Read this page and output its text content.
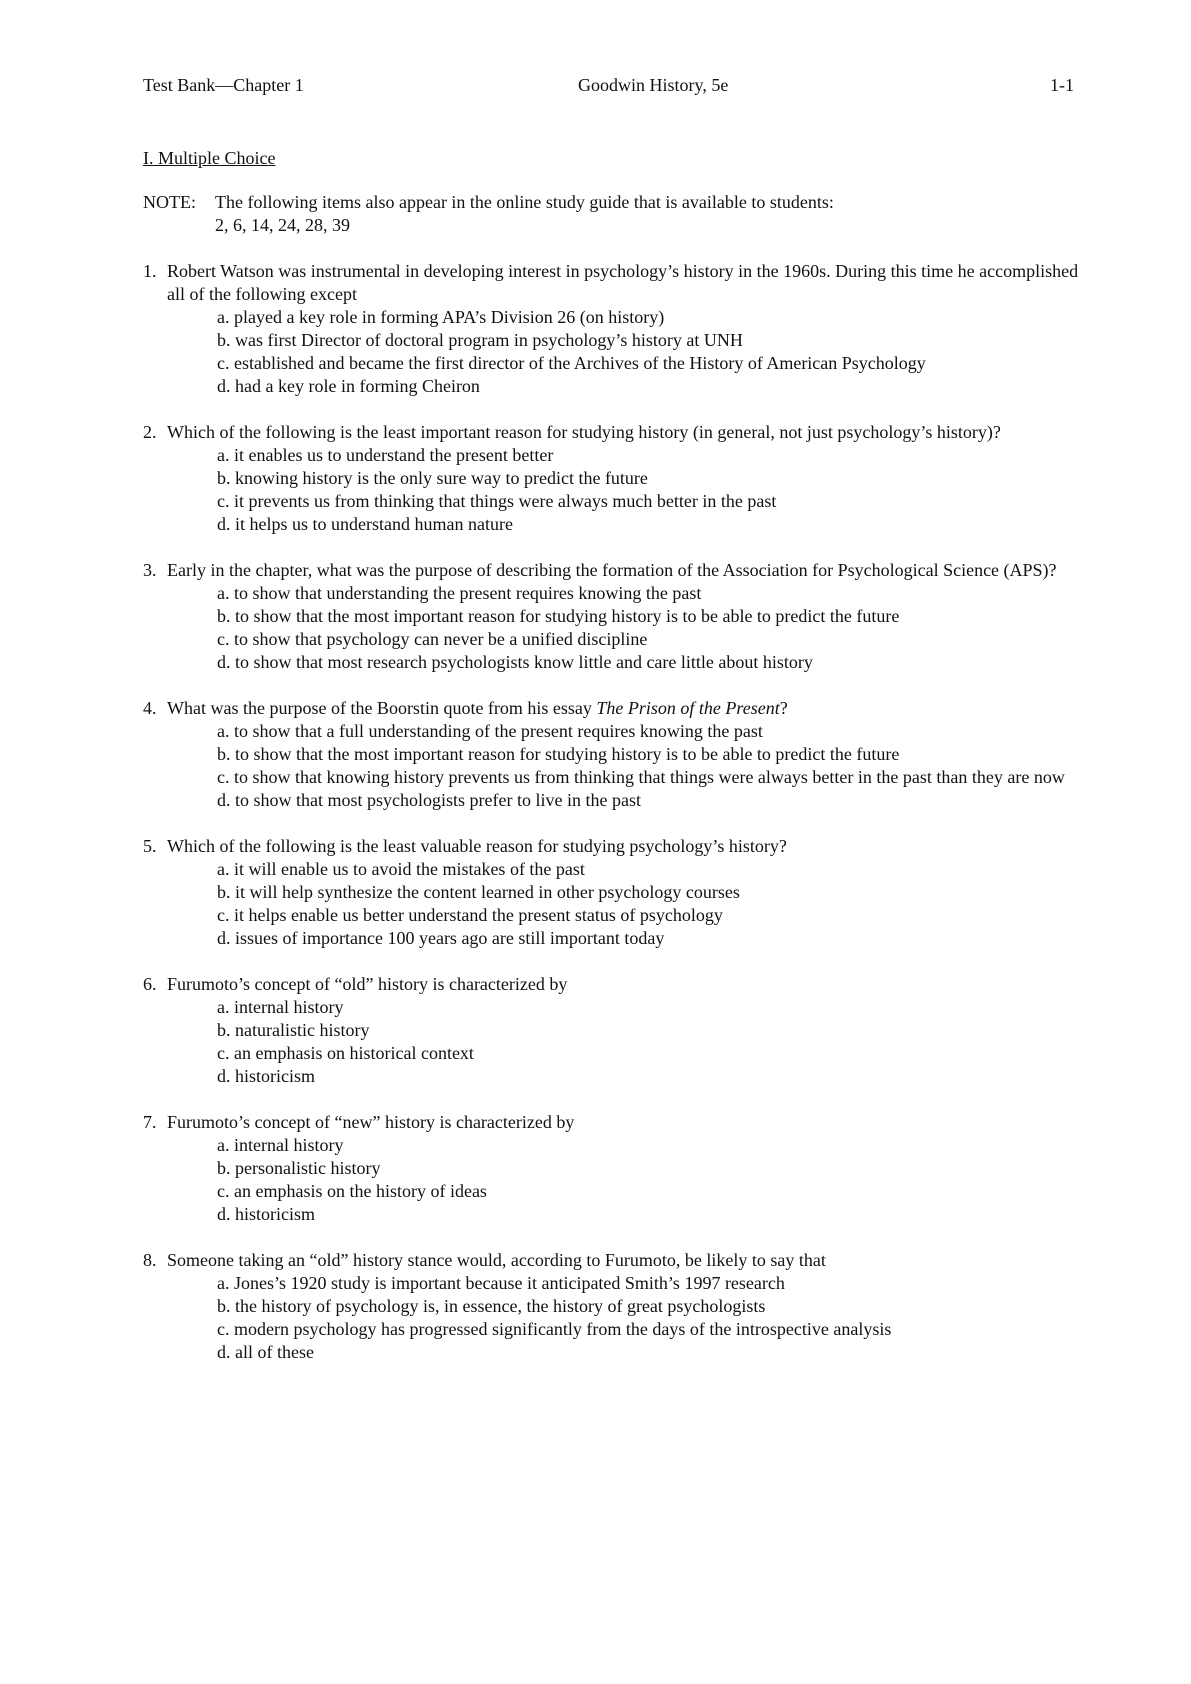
Test Bank—Chapter 1	Goodwin History, 5e	1-1
I. Multiple Choice
NOTE: The following items also appear in the online study guide that is available to students:
2, 6, 14, 24, 28, 39
1. Robert Watson was instrumental in developing interest in psychology’s history in the 1960s. During this time he accomplished all of the following except
a. played a key role in forming APA’s Division 26 (on history)
b. was first Director of doctoral program in psychology’s history at UNH
c. established and became the first director of the Archives of the History of American Psychology
d. had a key role in forming Cheiron
2. Which of the following is the least important reason for studying history (in general, not just psychology’s history)?
a. it enables us to understand the present better
b. knowing history is the only sure way to predict the future
c. it prevents us from thinking that things were always much better in the past
d. it helps us to understand human nature
3. Early in the chapter, what was the purpose of describing the formation of the Association for Psychological Science (APS)?
a. to show that understanding the present requires knowing the past
b. to show that the most important reason for studying history is to be able to predict the future
c. to show that psychology can never be a unified discipline
d. to show that most research psychologists know little and care little about history
4. What was the purpose of the Boorstin quote from his essay The Prison of the Present?
a. to show that a full understanding of the present requires knowing the past
b. to show that the most important reason for studying history is to be able to predict the future
c. to show that knowing history prevents us from thinking that things were always better in the past than they are now
d. to show that most psychologists prefer to live in the past
5. Which of the following is the least valuable reason for studying psychology’s history?
a. it will enable us to avoid the mistakes of the past
b. it will help synthesize the content learned in other psychology courses
c. it helps enable us better understand the present status of psychology
d. issues of importance 100 years ago are still important today
6. Furumoto’s concept of “old” history is characterized by
a. internal history
b. naturalistic history
c. an emphasis on historical context
d. historicism
7. Furumoto’s concept of “new” history is characterized by
a. internal history
b. personalistic history
c. an emphasis on the history of ideas
d. historicism
8. Someone taking an “old” history stance would, according to Furumoto, be likely to say that
a. Jones’s 1920 study is important because it anticipated Smith’s 1997 research
b. the history of psychology is, in essence, the history of great psychologists
c. modern psychology has progressed significantly from the days of the introspective analysis
d. all of these
